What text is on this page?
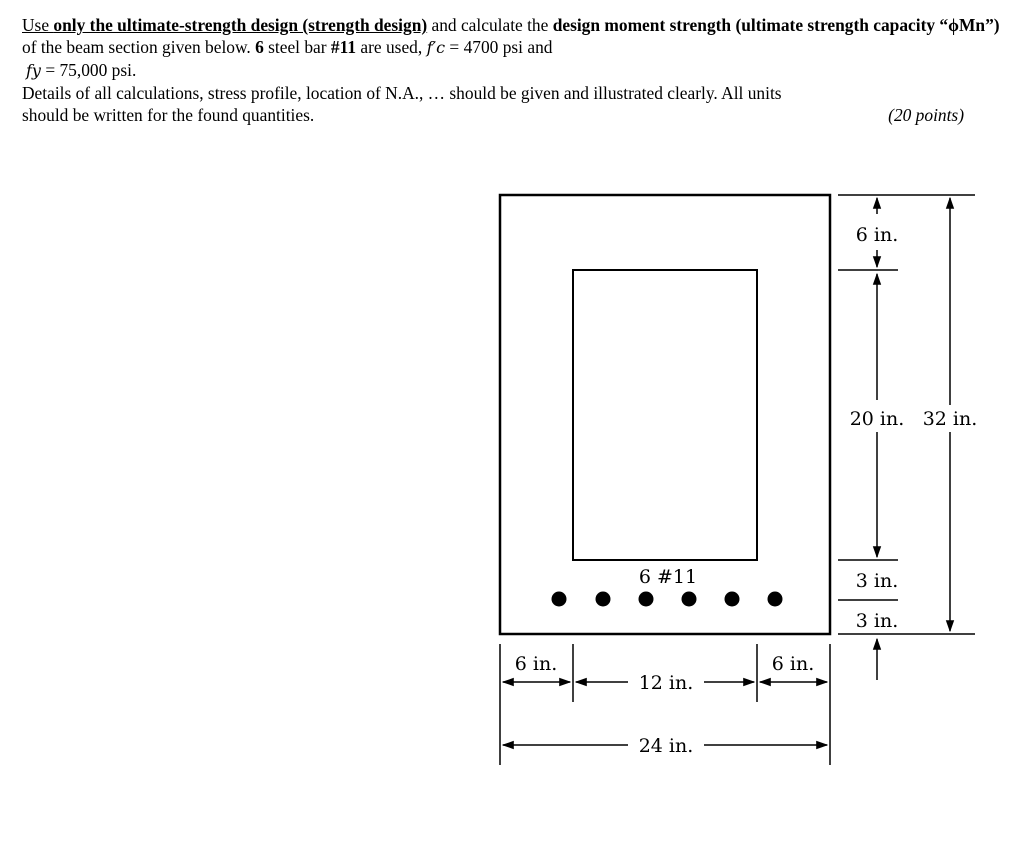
Use only the ultimate-strength design (strength design) and calculate the design moment strength (ultimate strength capacity “ϕMn”) of the beam section given below. 6 steel bar #11 are used, f′c = 4700 psi and

fy = 75,000 psi.

Details of all calculations, stress profile, location of N.A., … should be given and illustrated clearly. All units
should be written for the found quantities.	(20 points)

6 #11
6 in.
20 in.
3 in.
3 in.
32 in.
6 in.
12 in.
6 in.
24 in.
